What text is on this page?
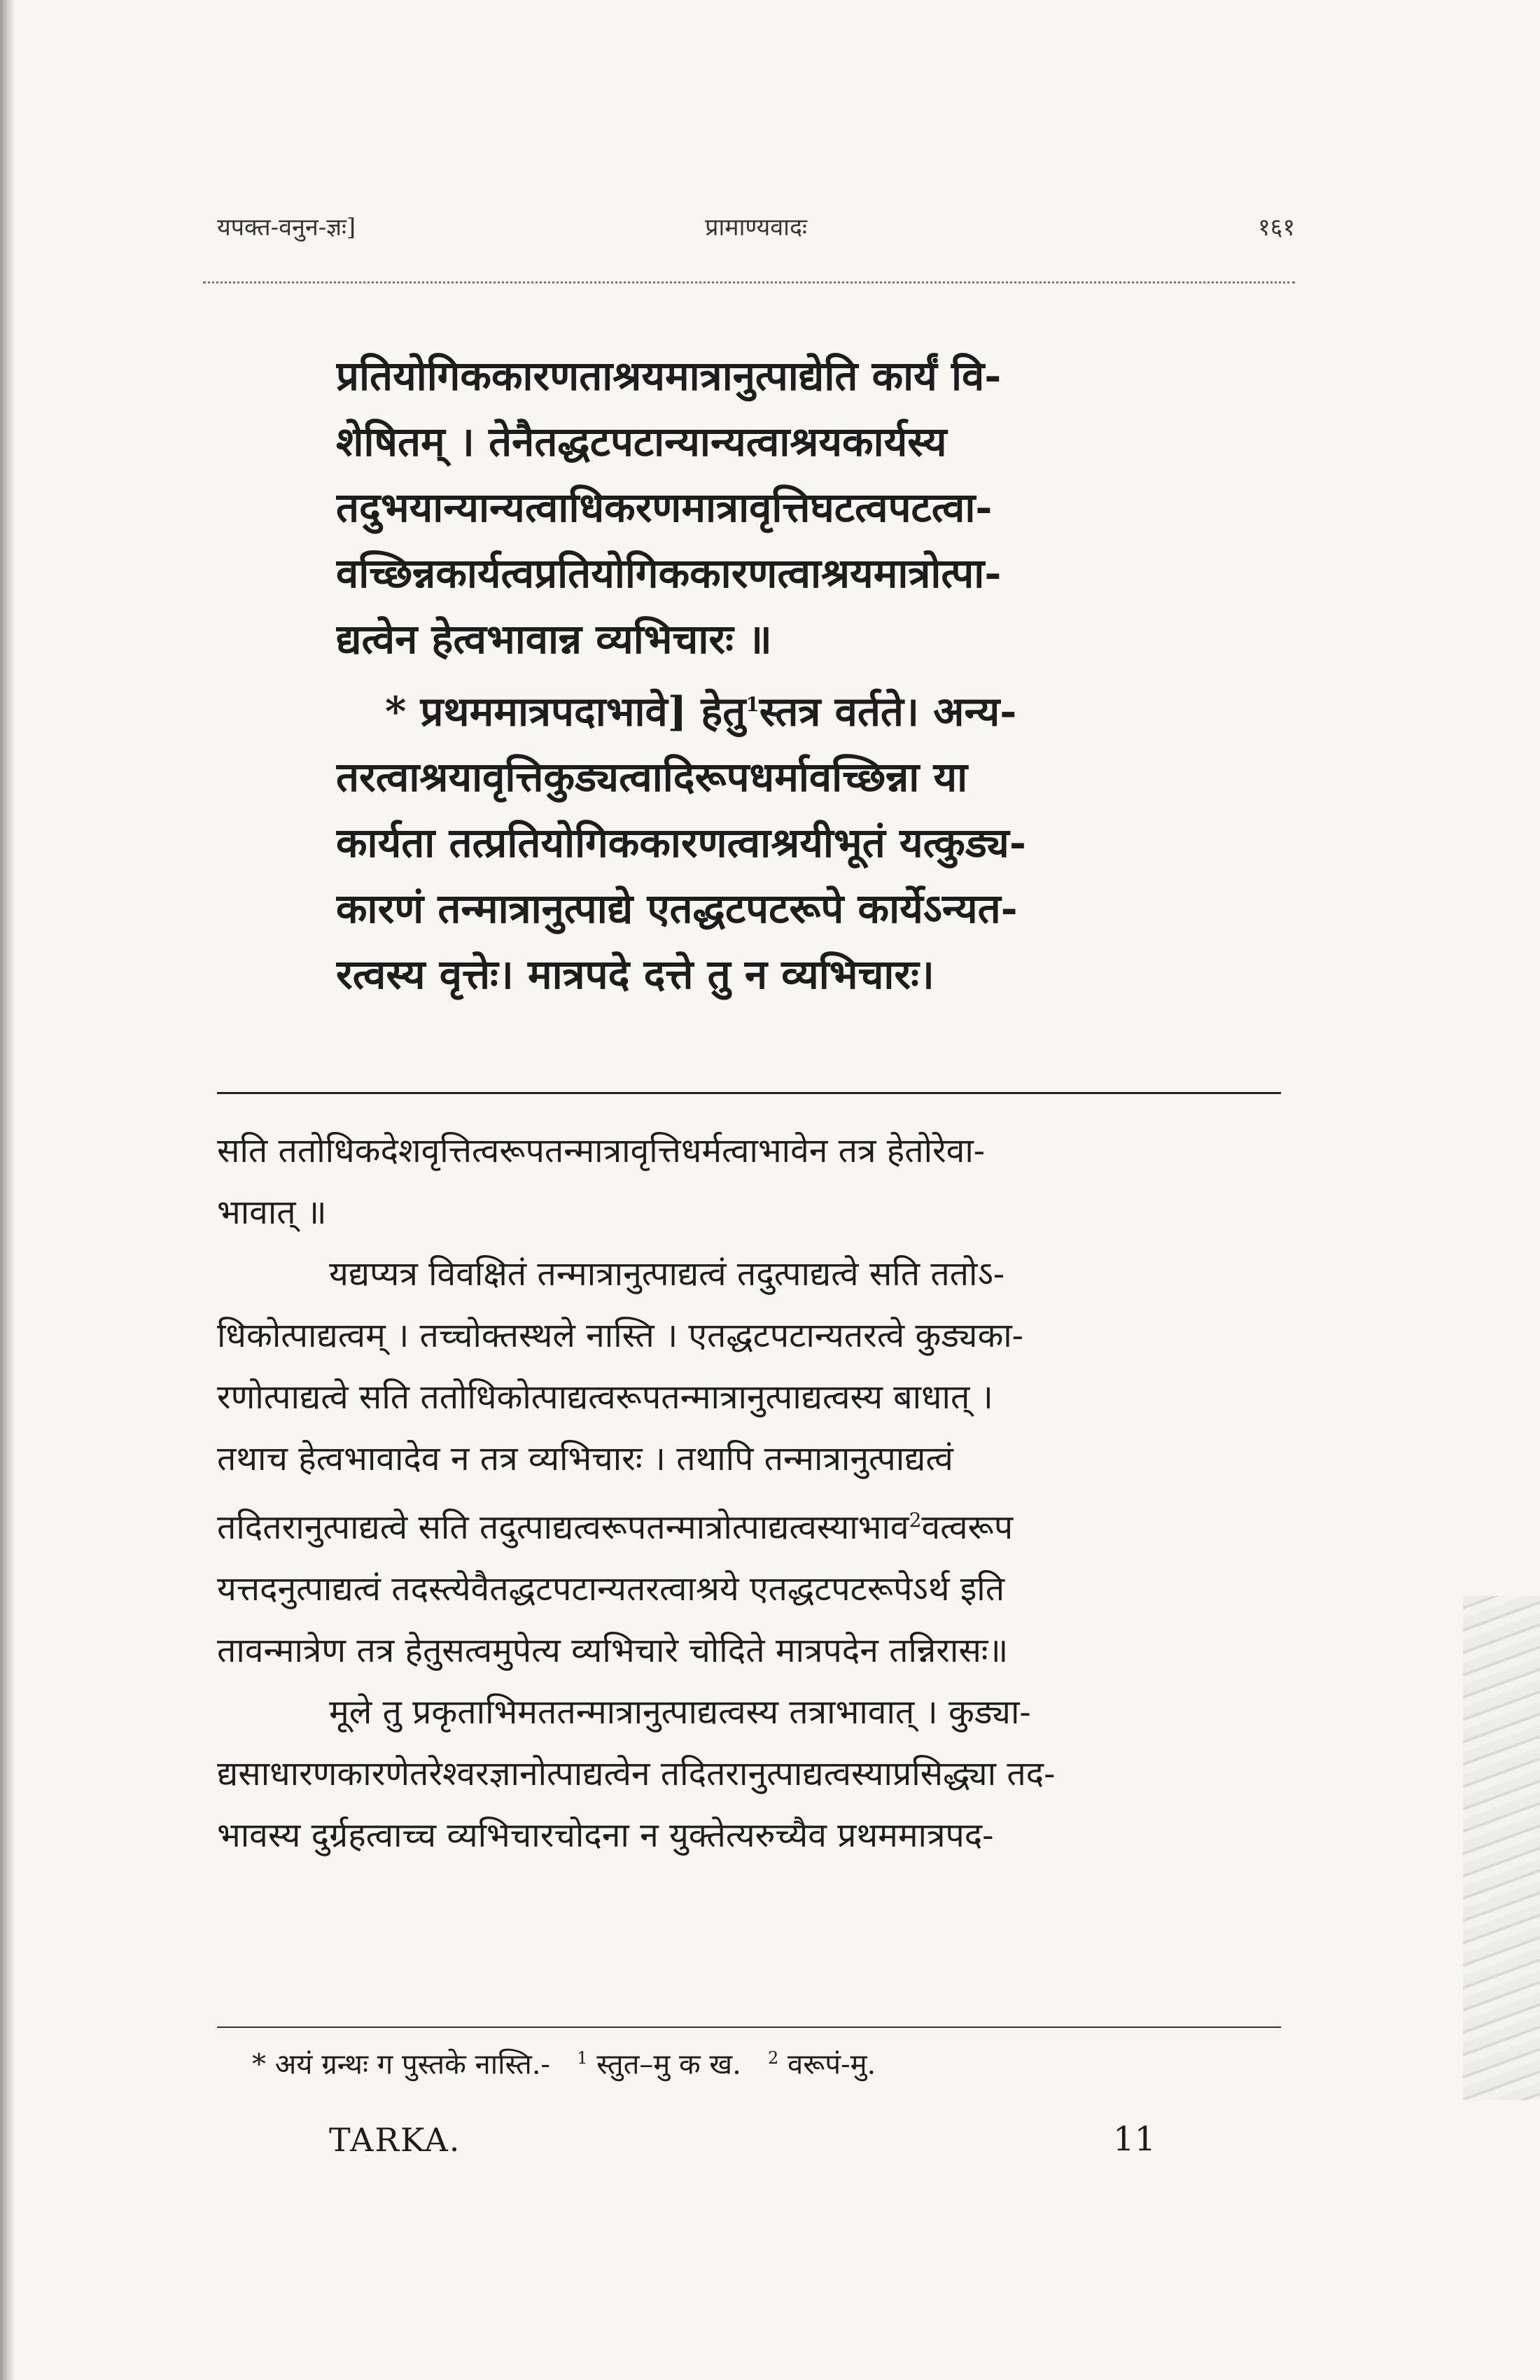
यपक्त-वनुन-ज्ञः]	प्रामाण्यवादः	१६१

प्रतियोगिककारणताश्रयमात्रानुत्पाद्येति कार्यं वि-

शेषितम् । तेनैतद्धटपटान्यान्यत्वाश्रयकार्यस्य

तदुभयान्यान्यत्वाधिकरणमात्रावृत्तिघटत्वपटत्वा-

वच्छिन्नकार्यत्वप्रतियोगिककारणत्वाश्रयमात्रोत्पा-

द्यत्वेन हेत्वभावान्न व्यभिचारः ॥

* प्रथममात्रपदाभावे] हेतु$^1$स्तत्र वर्तते। अन्य-

तरत्वाश्रयावृत्तिकुड्यत्वादिरूपधर्मावच्छिन्ना या

कार्यता तत्प्रतियोगिककारणत्वाश्रयीभूतं यत्कुड्य-

कारणं तन्मात्रानुत्पाद्ये एतद्धटपटरूपे कार्येऽन्यत-

रत्वस्य वृत्तेः। मात्रपदे दत्ते तु न व्यभिचारः।

सति ततोधिकदेशवृत्तित्वरूपतन्मात्रावृत्तिधर्मत्वाभावेन तत्र हेतोरेवा-

भावात् ॥

यद्यप्यत्र विवक्षितं तन्मात्रानुत्पाद्यत्वं तदुत्पाद्यत्वे सति ततोऽ-

धिकोत्पाद्यत्वम् । तच्चोक्तस्थले नास्ति । एतद्धटपटान्यतरत्वे कुड्यका-

रणोत्पाद्यत्वे सति ततोधिकोत्पाद्यत्वरूपतन्मात्रानुत्पाद्यत्वस्य बाधात् ।

तथाच हेत्वभावादेव न तत्र व्यभिचारः । तथापि तन्मात्रानुत्पाद्यत्वं

तदितरानुत्पाद्यत्वे सति तदुत्पाद्यत्वरूपतन्मात्रोत्पाद्यत्वस्याभाव$^2$वत्वरूप

यत्तदनुत्पाद्यत्वं तदस्त्येवैतद्धटपटान्यतरत्वाश्रये एतद्धटपटरूपेऽर्थ इति

तावन्मात्रेण तत्र हेतुसत्वमुपेत्य व्यभिचारे चोदिते मात्रपदेन तन्निरासः॥

मूले तु प्रकृताभिमततन्मात्रानुत्पाद्यत्वस्य तत्राभावात् । कुड्या-

द्यसाधारणकारणेतरेश्वरज्ञानोत्पाद्यत्वेन तदितरानुत्पाद्यत्वस्याप्रसिद्ध्या तद-

भावस्य दुर्ग्रहत्वाच्च व्यभिचारचोदना न युक्तेत्यरुच्यैव प्रथममात्रपद-

* अयं ग्रन्थः ग पुस्तके नास्ति.- $^1$ स्तुत–मु क ख. $^2$ वरूपं-मु.
TARKA.	11
